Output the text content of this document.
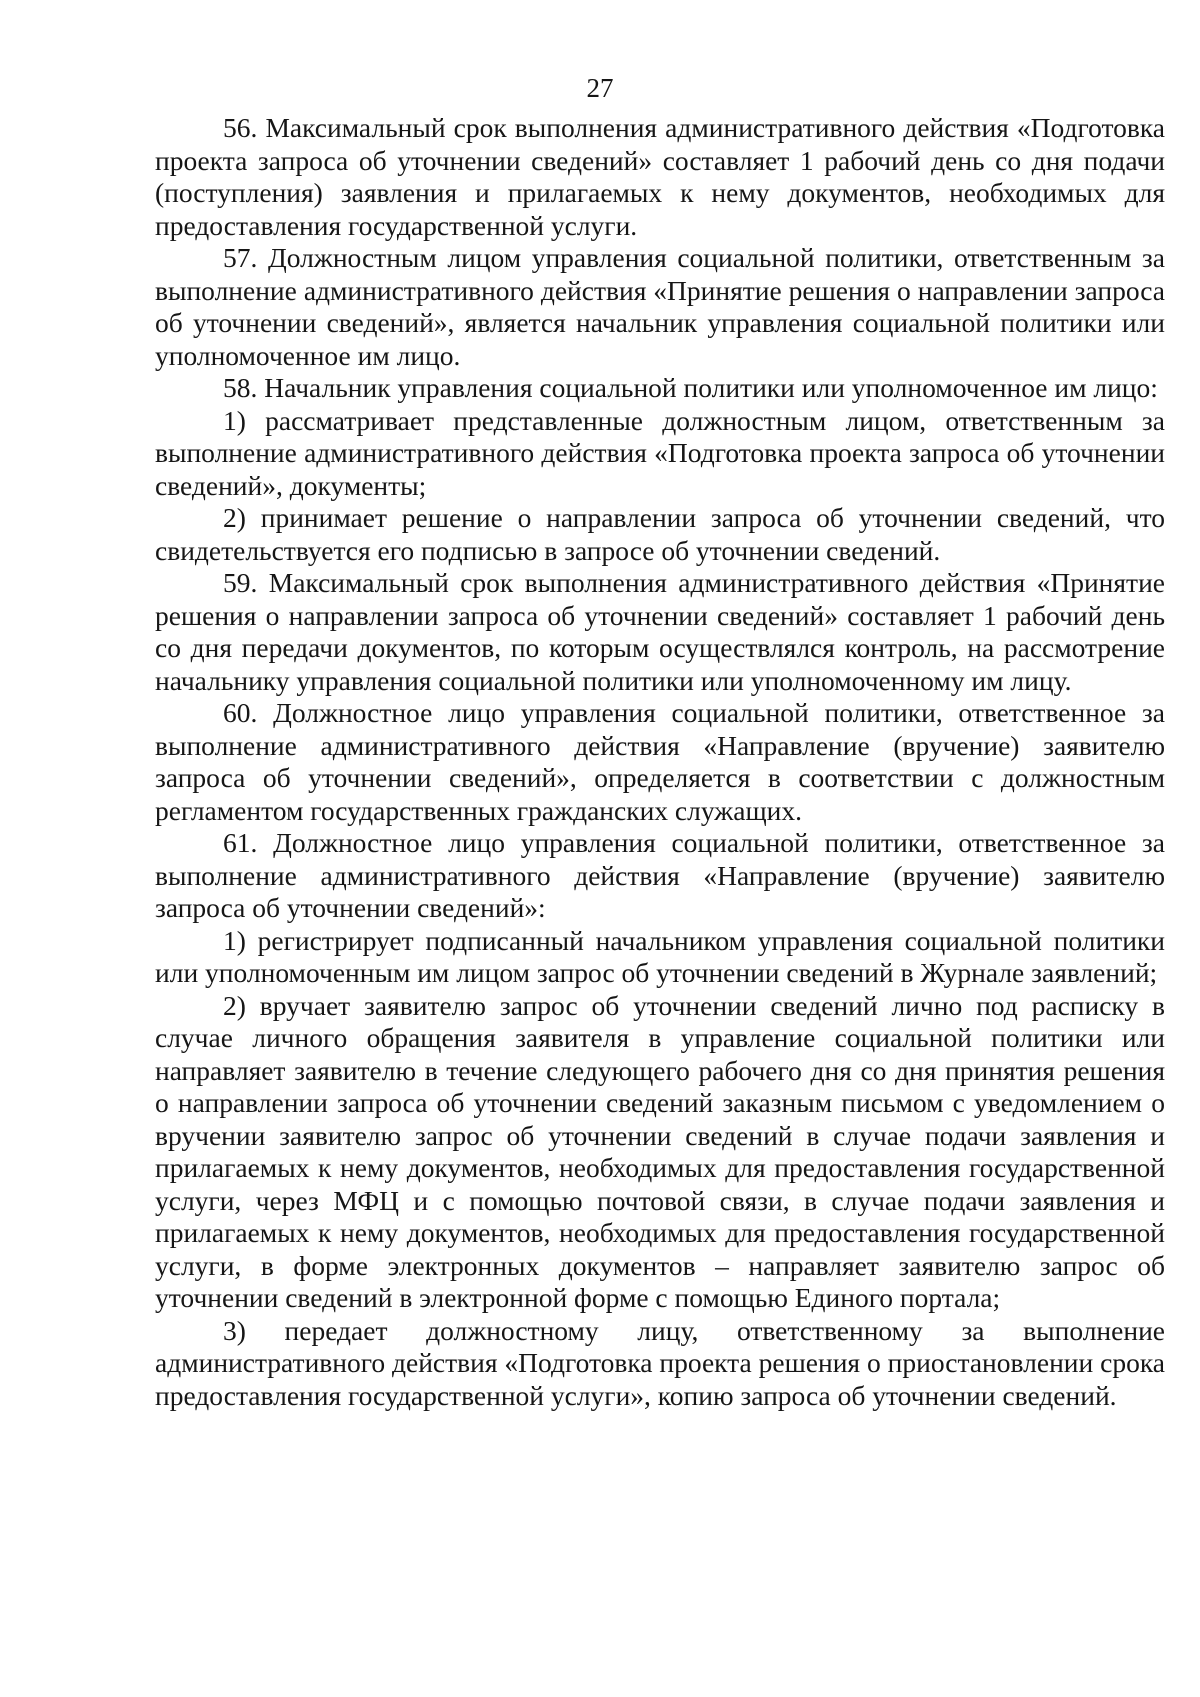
27

56. Максимальный срок выполнения административного действия «Подготовка проекта запроса об уточнении сведений» составляет 1 рабочий день со дня подачи (поступления) заявления и прилагаемых к нему документов, необходимых для предоставления государственной услуги.

57. Должностным лицом управления социальной политики, ответственным за выполнение административного действия «Принятие решения о направлении запроса об уточнении сведений», является начальник управления социальной политики или уполномоченное им лицо.

58. Начальник управления социальной политики или уполномоченное им лицо:

1) рассматривает представленные должностным лицом, ответственным за выполнение административного действия «Подготовка проекта запроса об уточнении сведений», документы;

2) принимает решение о направлении запроса об уточнении сведений, что свидетельствуется его подписью в запросе об уточнении сведений.

59. Максимальный срок выполнения административного действия «Принятие решения о направлении запроса об уточнении сведений» составляет 1 рабочий день со дня передачи документов, по которым осуществлялся контроль, на рассмотрение начальнику управления социальной политики или уполномоченному им лицу.

60. Должностное лицо управления социальной политики, ответственное за выполнение административного действия «Направление (вручение) заявителю запроса об уточнении сведений», определяется в соответствии с должностным регламентом государственных гражданских служащих.

61. Должностное лицо управления социальной политики, ответственное за выполнение административного действия «Направление (вручение) заявителю запроса об уточнении сведений»:

1) регистрирует подписанный начальником управления социальной политики или уполномоченным им лицом запрос об уточнении сведений в Журнале заявлений;

2) вручает заявителю запрос об уточнении сведений лично под расписку в случае личного обращения заявителя в управление социальной политики или направляет заявителю в течение следующего рабочего дня со дня принятия решения о направлении запроса об уточнении сведений заказным письмом с уведомлением о вручении заявителю запрос об уточнении сведений в случае подачи заявления и прилагаемых к нему документов, необходимых для предоставления государственной услуги, через МФЦ и с помощью почтовой связи, в случае подачи заявления и прилагаемых к нему документов, необходимых для предоставления государственной услуги, в форме электронных документов – направляет заявителю запрос об уточнении сведений в электронной форме с помощью Единого портала;

3) передает должностному лицу, ответственному за выполнение административного действия «Подготовка проекта решения о приостановлении срока предоставления государственной услуги», копию запроса об уточнении сведений.
